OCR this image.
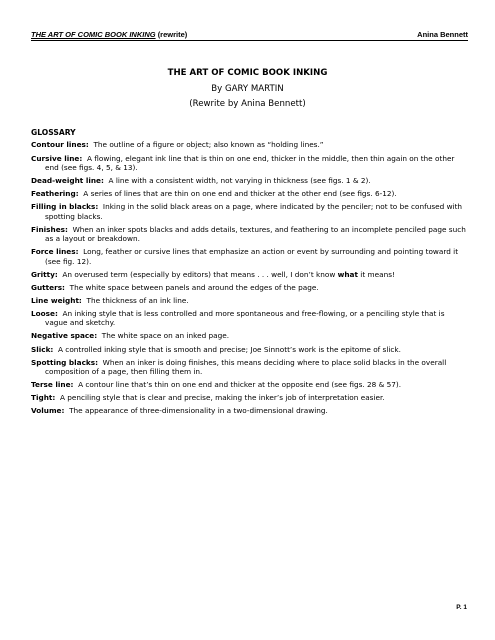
THE ART OF COMIC BOOK INKING (rewrite)	Anina Bennett
THE ART OF COMIC BOOK INKING
By GARY MARTIN
(Rewrite by Anina Bennett)
GLOSSARY
Contour lines: The outline of a figure or object; also known as “holding lines.”
Cursive line: A flowing, elegant ink line that is thin on one end, thicker in the middle, then thin again on the other end (see figs. 4, 5, & 13).
Dead-weight line: A line with a consistent width, not varying in thickness (see figs. 1 & 2).
Feathering: A series of lines that are thin on one end and thicker at the other end (see figs. 6-12).
Filling in blacks: Inking in the solid black areas on a page, where indicated by the penciler; not to be confused with spotting blacks.
Finishes: When an inker spots blacks and adds details, textures, and feathering to an incomplete penciled page such as a layout or breakdown.
Force lines: Long, feather or cursive lines that emphasize an action or event by surrounding and pointing toward it (see fig. 12).
Gritty: An overused term (especially by editors) that means . . . well, I don’t know what it means!
Gutters: The white space between panels and around the edges of the page.
Line weight: The thickness of an ink line.
Loose: An inking style that is less controlled and more spontaneous and free-flowing, or a penciling style that is vague and sketchy.
Negative space: The white space on an inked page.
Slick: A controlled inking style that is smooth and precise; Joe Sinnott’s work is the epitome of slick.
Spotting blacks: When an inker is doing finishes, this means deciding where to place solid blacks in the overall composition of a page, then filling them in.
Terse line: A contour line that’s thin on one end and thicker at the opposite end (see figs. 28 & 57).
Tight: A penciling style that is clear and precise, making the inker’s job of interpretation easier.
Volume: The appearance of three-dimensionality in a two-dimensional drawing.
P. 1
